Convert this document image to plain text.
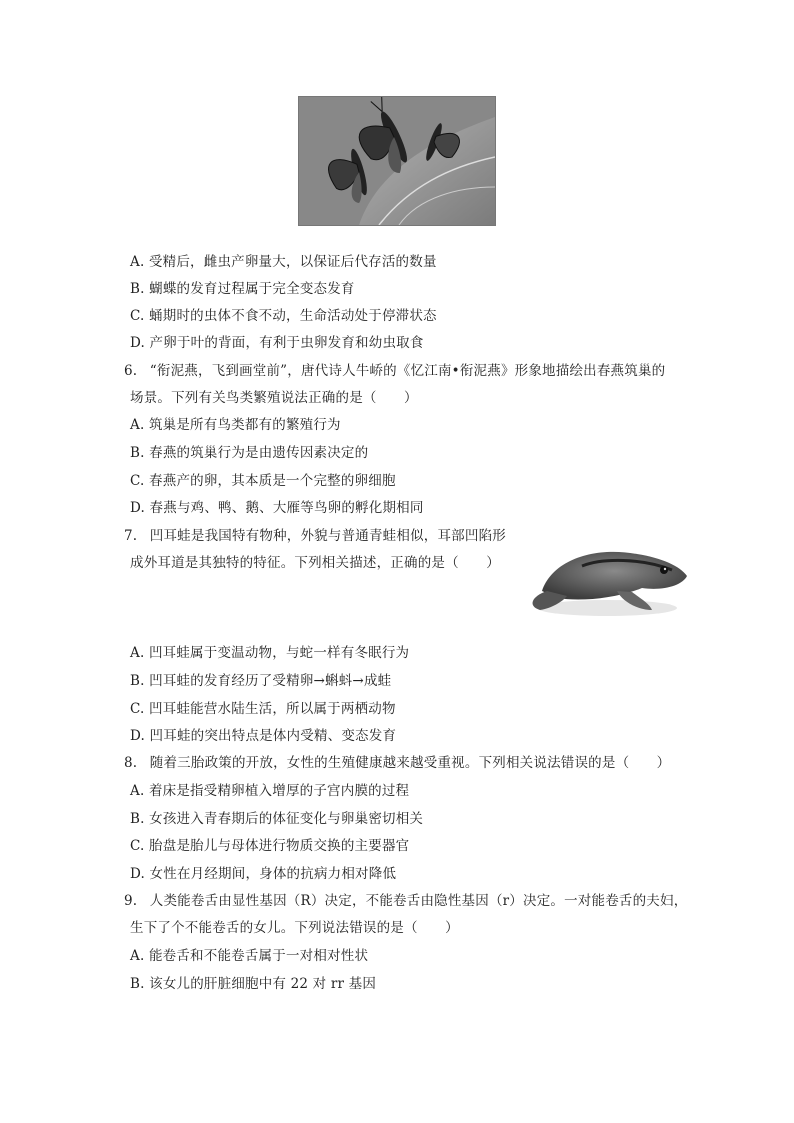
A. 受精后，雌虫产卵量大，以保证后代存活的数量
B. 蝴蝶的发育过程属于完全变态发育
C. 蛹期时的虫体不食不动，生命活动处于停滞状态
D. 产卵于叶的背面，有利于虫卵发育和幼虫取食
6. “衔泥燕，飞到画堂前”，唐代诗人牛峤的《忆江南•衔泥燕》形象地描绘出春燕筑巢的
场景。下列有关鸟类繁殖说法正确的是（　　）
A. 筑巢是所有鸟类都有的繁殖行为
B. 春燕的筑巢行为是由遗传因素决定的
C. 春燕产的卵，其本质是一个完整的卵细胞
D. 春燕与鸡、鸭、鹅、大雁等鸟卵的孵化期相同
7. 凹耳蛙是我国特有物种，外貌与普通青蛙相似，耳部凹陷形
成外耳道是其独特的特征。下列相关描述，正确的是（　　）
A. 凹耳蛙属于变温动物，与蛇一样有冬眠行为
B. 凹耳蛙的发育经历了受精卵→蝌蚪→成蛙
C. 凹耳蛙能营水陆生活，所以属于两栖动物
D. 凹耳蛙的突出特点是体内受精、变态发育
8. 随着三胎政策的开放，女性的生殖健康越来越受重视。下列相关说法错误的是（　　）
A. 着床是指受精卵植入增厚的子宫内膜的过程
B. 女孩进入青春期后的体征变化与卵巢密切相关
C. 胎盘是胎儿与母体进行物质交换的主要器官
D. 女性在月经期间，身体的抗病力相对降低
9. 人类能卷舌由显性基因（R）决定，不能卷舌由隐性基因（r）决定。一对能卷舌的夫妇，
生下了个不能卷舌的女儿。下列说法错误的是（　　）
A. 能卷舌和不能卷舌属于一对相对性状
B. 该女儿的肝脏细胞中有 22 对 rr 基因
